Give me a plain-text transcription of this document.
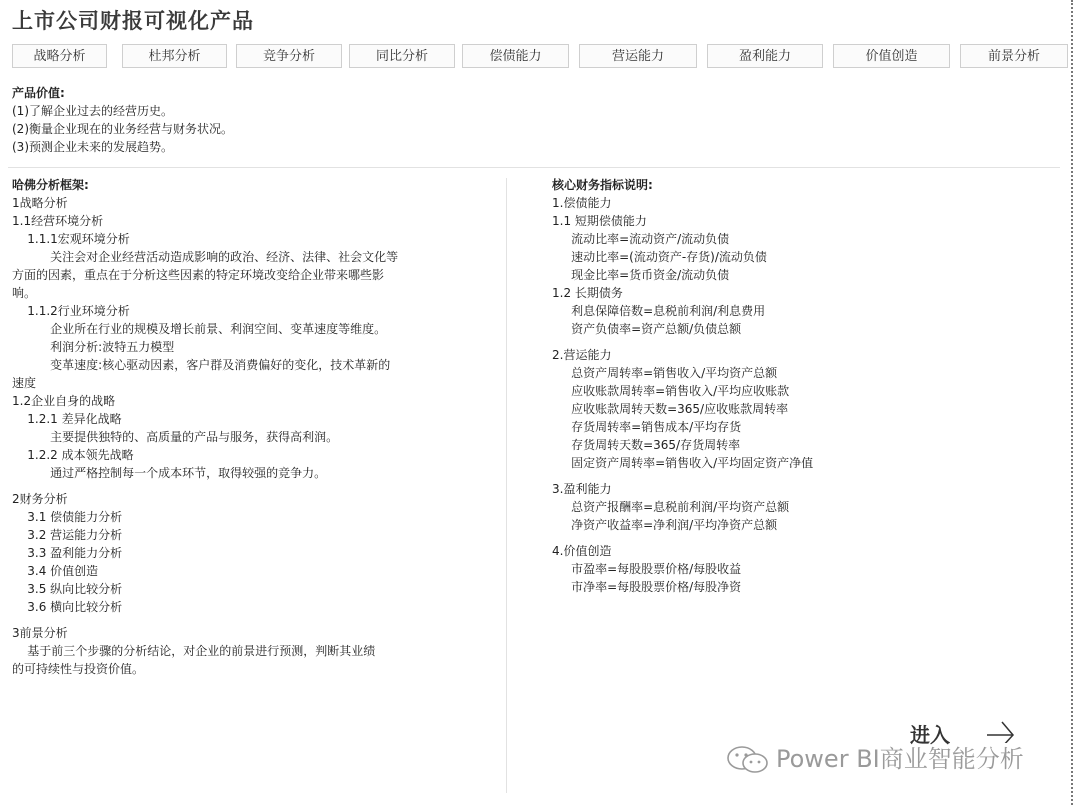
上市公司财报可视化产品
战略分析	杜邦分析	竞争分析	同比分析	偿债能力	营运能力	盈利能力	价值创造	前景分析
产品价值:
(1)了解企业过去的经营历史。
(2)衡量企业现在的业务经营与财务状况。
(3)预测企业未来的发展趋势。
哈佛分析框架:
1战略分析
1.1经营环境分析
1.1.1宏观环境分析
关注会对企业经营活动造成影响的政治、经济、法律、社会文化等方面的因素，重点在于分析这些因素的特定环境改变给企业带来哪些影响。
1.1.2行业环境分析
企业所在行业的规模及增长前景、利润空间、变革速度等维度。
利润分析:波特五力模型
变革速度:核心驱动因素，客户群及消费偏好的变化，技术革新的速度
1.2企业自身的战略
1.2.1 差异化战略
主要提供独特的、高质量的产品与服务，获得高利润。
1.2.2 成本领先战略
通过严格控制每一个成本环节，取得较强的竞争力。
2财务分析
3.1 偿债能力分析
3.2 营运能力分析
3.3 盈利能力分析
3.4 价值创造
3.5 纵向比较分析
3.6 横向比较分析
3前景分析
基于前三个步骤的分析结论，对企业的前景进行预测，判断其业绩
的可持续性与投资价值。
核心财务指标说明:
1.偿债能力
1.1 短期偿债能力
流动比率=流动资产/流动负债
速动比率=(流动资产-存货)/流动负债
现金比率=货币资金/流动负债
1.2 长期债务
利息保障倍数=息税前利润/利息费用
资产负债率=资产总额/负债总额
2.营运能力
总资产周转率=销售收入/平均资产总额
应收账款周转率=销售收入/平均应收账款
应收账款周转天数=365/应收账款周转率
存货周转率=销售成本/平均存货
存货周转天数=365/存货周转率
固定资产周转率=销售收入/平均固定资产净值
3.盈利能力
总资产报酬率=息税前利润/平均资产总额
净资产收益率=净利润/平均净资产总额
4.价值创造
市盈率=每股股票价格/每股收益
市净率=每股股票价格/每股净资
进入
Power BI商业智能分析
